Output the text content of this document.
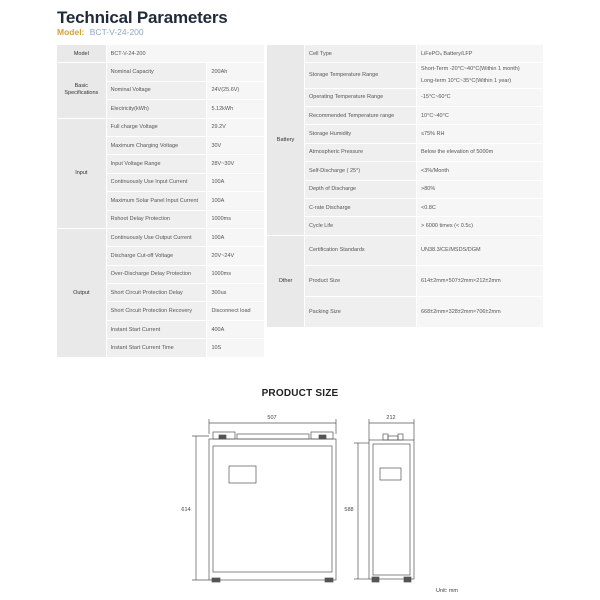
Technical Parameters
Model: BCT-V-24-200
Model	BCT-V-24-200	
Basic Specifications	Nominal Capacity	200Ah
	Nominal Voltage	24V(25.6V)
	Electricity(kWh)	5.12kWh
Input	Full charge Voltage	29.2V
	Maximum Charging Voltage	30V
	Input Voltage Range	28V~30V
	Continuously Use Input Current	100A
	Maximum Solar Panel Input Current	100A
	Rshoot Delay Protection	1000ms
Output	Continuously Use Output Current	100A
	Discharge Cut-off Voltage	20V~24V
	Over-Discharge Delay Protection	1000ms
	Short Circuit Protection Delay	300us
	Short Circuit Protection Recovery	Disconnect load
	Instant Start Current	400A
	Instant Start Current Time	10S
Battery	Cell Type	LiFePO₄ Battery/LFP
	Storage Temperature Range	Short-Term -20°C~40°C(Within 1 month)
Long-term 10°C~35°C(Within 1 year)

	Operating Temperature Range	-15°C~60°C
	Recommended Temperature range	10°C~40°C
	Storage Humidity	≤75% RH
	Atmospheric Pressure	Below the elevation of 5000m
	Self-Discharge ( 25°)	<3%/Month
	Depth of Discharge	>80%
	C-rate Discharge	<0.8C
	Cycle Life	> 6000 times (< 0.5c)
Other	Certification Standards	UN38.3/CE/MSDS/DGM
	Product Size	614±2mm×507±2mm×212±2mm
	Packing Size	668±2mm×328±2mm×706±2mm
PRODUCT SIZE
507	212
614	588
Unit: mm
